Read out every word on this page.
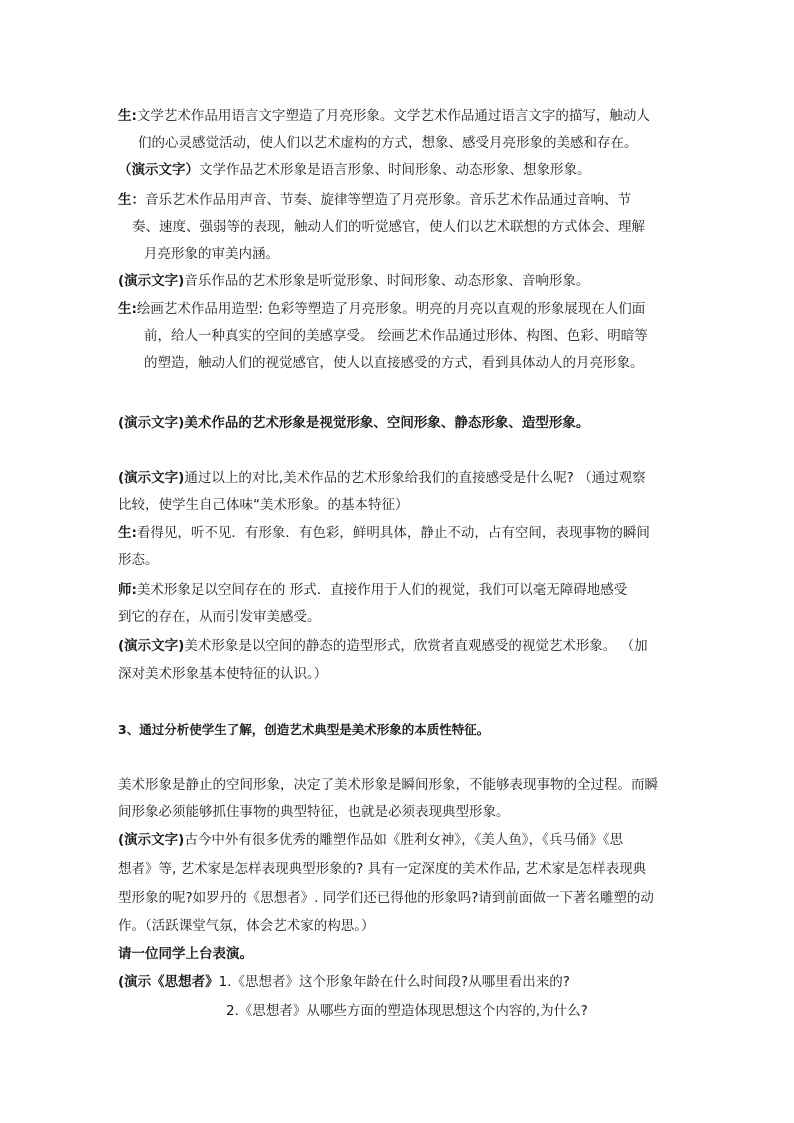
生:文学艺术作品用语言文字塑造了月亮形象。文学艺术作品通过语言文字的描写，触动人
们的心灵感觉活动，使人们以艺术虚构的方式，想象、感受月亮形象的美感和存在。
（演示文字）文学作品艺术形象是语言形象、时间形象、动态形象、想象形象。
生：音乐艺术作品用声音、节奏、旋律等塑造了月亮形象。音乐艺术作品通过音响、节
奏、速度、强弱等的表现，触动人们的听觉感官，使人们以艺术联想的方式体会、理解
月亮形象的审美内涵。
(演示文字)音乐作品的艺术形象是听觉形象、时间形象、动态形象、音响形象。
生:绘画艺术作品用造型: 色彩等塑造了月亮形象。明亮的月亮以直观的形象展现在人们面
前，给人一种真实的空间的美感享受。 绘画艺术作品通过形体、构图、色彩、明暗等
的塑造，触动人们的视觉感官，使人以直接感受的方式，看到具体动人的月亮形象。
(演示文字)美术作品的艺术形象是视觉形象、空间形象、静态形象、造型形象。
(演示文字)通过以上的对比,美术作品的艺术形象给我们的直接感受是什么呢? （通过观察
比较，使学生自己体味“美术形象。的基本特征）
生:看得见，听不见．有形象．有色彩，鲜明具体，静止不动，占有空间，表现事物的瞬间
形态。
师:美术形象足以空间存在的 形式．直接作用于人们的视觉，我们可以毫无障碍地感受
到它的存在，从而引发审美感受。
(演示文字)美术形象是以空间的静态的造型形式，欣赏者直观感受的视觉艺术形象。 （加
深对美术形象基本使特征的认识。）
3、通过分析使学生了解，创造艺术典型是美术形象的本质性特征。
美术形象是静止的空间形象，决定了美术形象是瞬间形象，不能够表现事物的全过程。而瞬
间形象必须能够抓住事物的典型特征，也就是必须表现典型形象。
(演示文字)古今中外有很多优秀的雕塑作品如《胜利女神》，《美人鱼》，《兵马俑》《思
想者》等, 艺术家是怎样表现典型形象的? 具有一定深度的美术作品, 艺术家是怎样表现典
型形象的呢?如罗丹的《思想者》. 同学们还已得他的形象吗?请到前面做一下著名雕塑的动
作。（活跃课堂气氛，体会艺术家的构思。）
请一位同学上台表演。
(演示《思想者》1.《思想者》这个形象年龄在什么时间段?从哪里看出来的?
2.《思想者》从哪些方面的塑造体现思想这个内容的,为什么?
